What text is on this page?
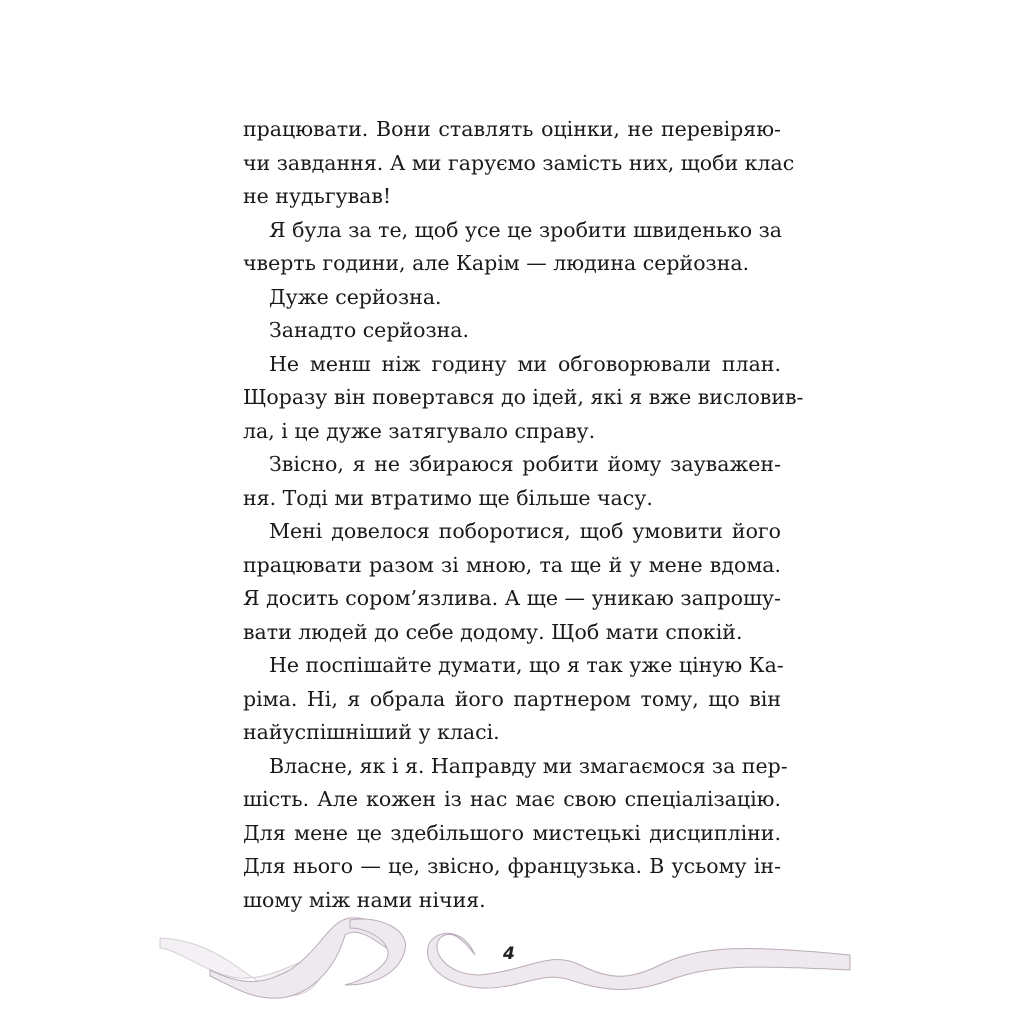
працювати. Вони ставлять оцінки, не перевіряю-
чи завдання. А ми гаруємо замість них, щоби клас
не нудьгував!
Я була за те, щоб усе це зробити швиденько за
чверть години, але Карім — людина серйозна.
Дуже серйозна.
Занадто серйозна.
Не менш ніж годину ми обговорювали план.
Щоразу він повертався до ідей, які я вже висловив-
ла, і це дуже затягувало справу.
Звісно, я не збираюся робити йому зауважен-
ня. Тоді ми втратимо ще більше часу.
Мені довелося поборотися, щоб умовити його
працювати разом зі мною, та ще й у мене вдома.
Я досить сором’язлива. А ще — уникаю запрошу-
вати людей до себе додому. Щоб мати спокій.
Не поспішайте думати, що я так уже ціную Ка-
ріма. Ні, я обрала його партнером тому, що він
найуспішніший у класі.
Власне, як і я. Направду ми змагаємося за пер-
шість. Але кожен із нас має свою спеціалізацію.
Для мене це здебільшого мистецькі дисципліни.
Для нього — це, звісно, французька. В усьому ін-
шому між нами нічия.
4
